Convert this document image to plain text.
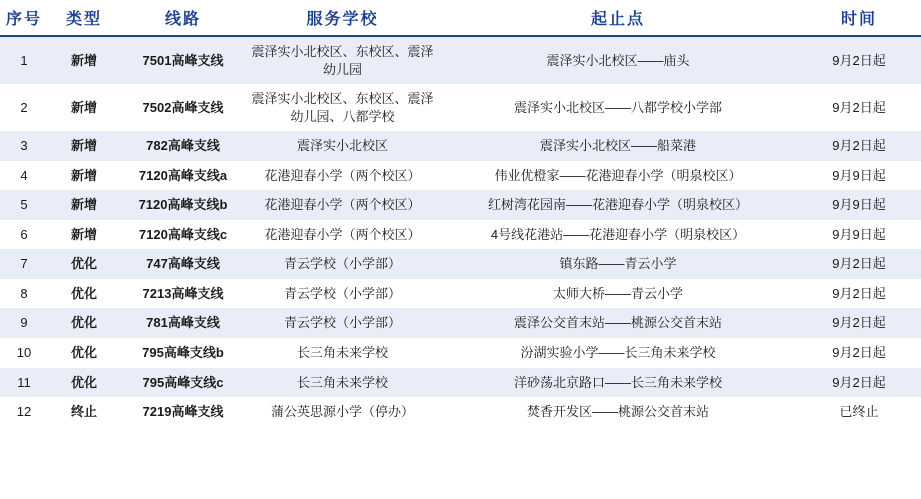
序号	类型	线路	服务学校	起止点	时间
1	新增	7501高峰支线	震泽实小北校区、东校区、震泽幼儿园	震泽实小北校区——庙头	9月2日起
2	新增	7502高峰支线	震泽实小北校区、东校区、震泽幼儿园、八都学校	震泽实小北校区——八都学校小学部	9月2日起
3	新增	782高峰支线	震泽实小北校区	震泽实小北校区——船菜港	9月2日起
4	新增	7120高峰支线a	花港迎春小学（两个校区）	伟业优橙家——花港迎春小学（明泉校区）	9月9日起
5	新增	7120高峰支线b	花港迎春小学（两个校区）	红树湾花园南——花港迎春小学（明泉校区）	9月9日起
6	新增	7120高峰支线c	花港迎春小学（两个校区）	4号线花港站——花港迎春小学（明泉校区）	9月9日起
7	优化	747高峰支线	青云学校（小学部）	镇东路——青云小学	9月2日起
8	优化	7213高峰支线	青云学校（小学部）	太师大桥——青云小学	9月2日起
9	优化	781高峰支线	青云学校（小学部）	震泽公交首末站——桃源公交首末站	9月2日起
10	优化	795高峰支线b	长三角未来学校	汾湖实验小学——长三角未来学校	9月2日起
11	优化	795高峰支线c	长三角未来学校	洋砂荡北京路口——长三角未来学校	9月2日起
12	终止	7219高峰支线	蒲公英思源小学（停办）	焚香开发区——桃源公交首末站	已终止
